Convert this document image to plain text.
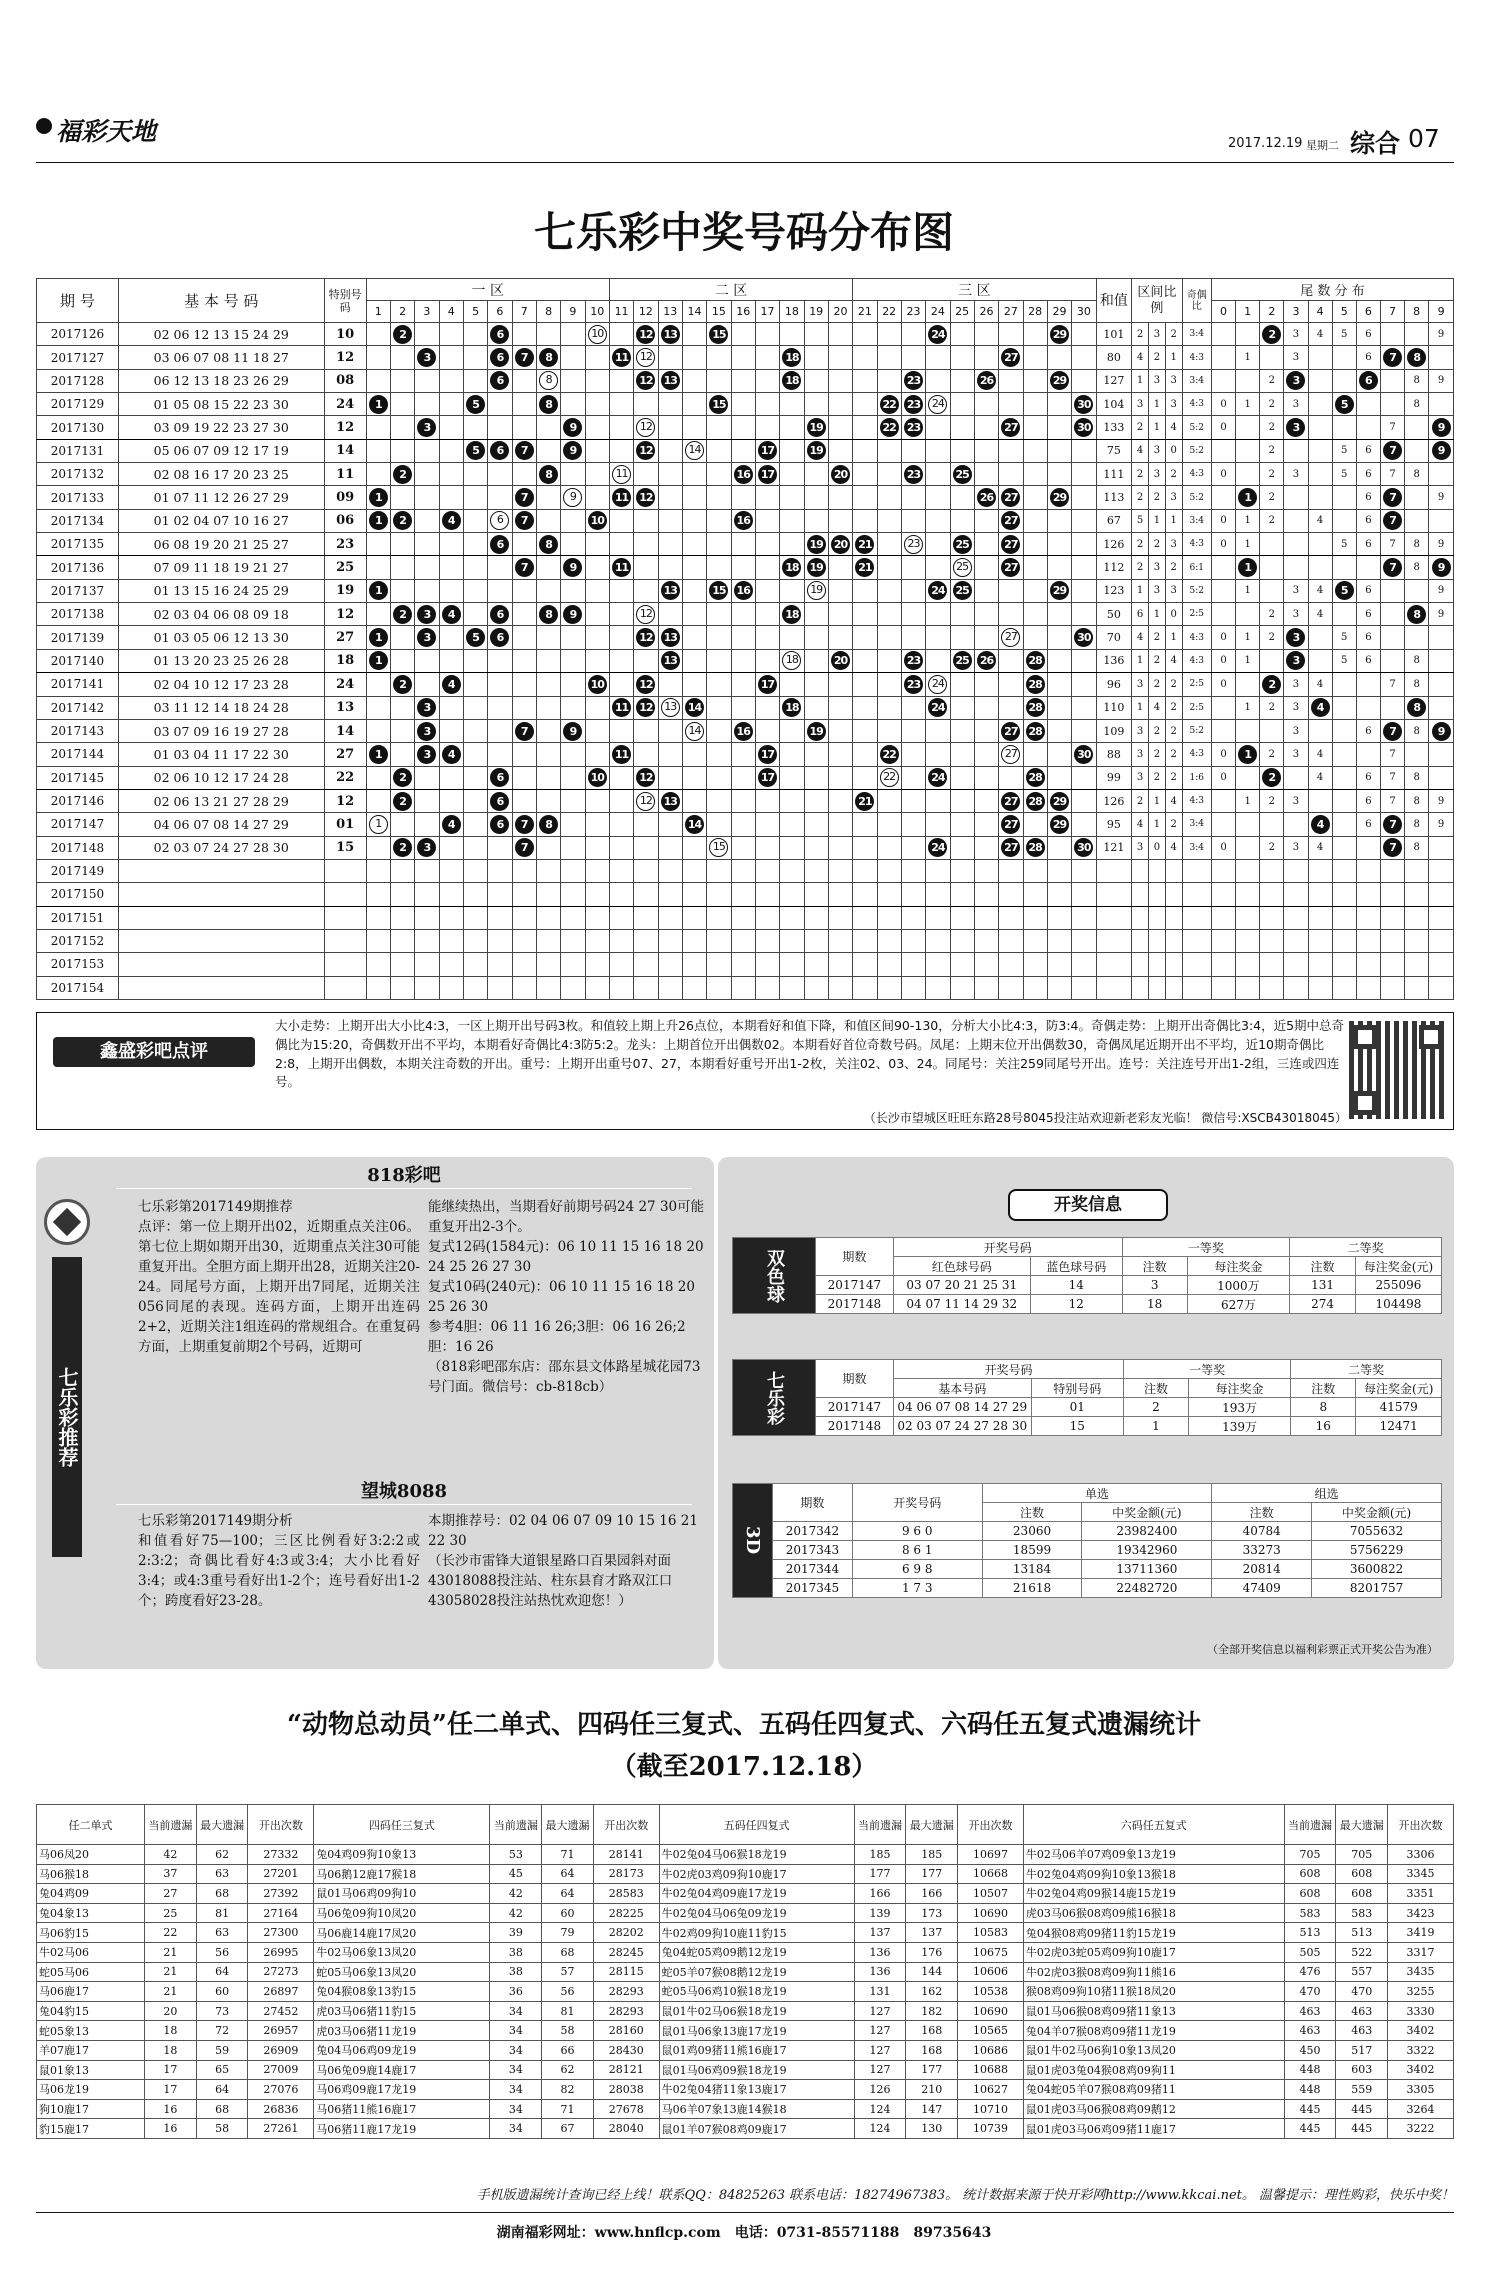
福彩天地	2017.12.19 星期二 综合 07
七乐彩中奖号码分布图
期 号	基 本 号 码	特别号码	一 区										二 区										三 区										和值	区间比例			奇偶比	尾 数 分 布									
			1	2	3	4	5	6	7	8	9	10	11	12	13	14	15	16	17	18	19	20	21	22	23	24	25	26	27	28	29	30						0	1	2	3	4	5	6	7	8	9
2017126	02 06 12 13 15 24 29	10		2				6				10		12	13		15									24					29		101	2	3	2	3:4			2	3	4	5	6			9
2017127	03 06 07 08 11 18 27	12			3			6	7	8			11	12						18									27				80	4	2	1	4:3		1		3			6	7	8	
2017128	06 12 13 18 23 26 29	08						6		8				12	13					18					23			26			29		127	1	3	3	3:4			2	3			6		8	9
2017129	01 05 08 15 22 23 30	24	1				5			8							15							22	23	24						30	104	3	1	3	4:3	0	1	2	3		5			8	
2017130	03 09 19 22 23 27 30	12			3						9			12							19			22	23				27			30	133	2	1	4	5:2	0		2	3				7		9
2017131	05 06 07 09 12 17 19	14					5	6	7		9			12		14			17		19												75	4	3	0	5:2			2			5	6	7		9
2017132	02 08 16 17 20 23 25	11		2						8			11					16	17			20			23		25						111	2	3	2	4:3	0		2	3		5	6	7	8	
2017133	01 07 11 12 26 27 29	09	1						7		9		11	12														26	27		29		113	2	2	3	5:2		1	2				6	7		9
2017134	01 02 04 07 10 16 27	06	1	2		4		6	7			10						16											27				67	5	1	1	3:4	0	1	2		4		6	7		
2017135	06 08 19 20 21 25 27	23						6		8											19	20	21		23		25		27				126	2	2	3	4:3	0	1				5	6	7	8	9
2017136	07 09 11 18 19 21 27	25							7		9		11							18	19		21				25		27				112	2	3	2	6:1		1						7	8	9
2017137	01 13 15 16 24 25 29	19	1												13		15	16			19					24	25				29		123	1	3	3	5:2		1		3	4	5	6			9
2017138	02 03 04 06 08 09 18	12		2	3	4		6		8	9			12						18													50	6	1	0	2:5			2	3	4		6		8	9
2017139	01 03 05 06 12 13 30	27	1		3		5	6						12	13														27			30	70	4	2	1	4:3	0	1	2	3		5	6			
2017140	01 13 20 23 25 26 28	18	1												13					18		20			23		25	26		28			136	1	2	4	4:3	0	1		3		5	6		8	
2017141	02 04 10 12 17 23 28	24		2		4						10		12					17						23	24				28			96	3	2	2	2:5	0		2	3	4			7	8	
2017142	03 11 12 14 18 24 28	13			3								11	12	13	14				18						24				28			110	1	4	2	2:5		1	2	3	4				8	
2017143	03 07 09 16 19 27 28	14			3				7		9					14		16			19								27	28			109	3	2	2	5:2				3			6	7	8	9
2017144	01 03 04 11 17 22 30	27	1		3	4							11						17					22					27			30	88	3	2	2	4:3	0	1	2	3	4			7		
2017145	02 06 10 12 17 24 28	22		2				6				10		12					17					22		24				28			99	3	2	2	1:6	0		2		4		6	7	8	
2017146	02 06 13 21 27 28 29	12		2				6						12	13								21						27	28	29		126	2	1	4	4:3		1	2	3			6	7	8	9
2017147	04 06 07 08 14 27 29	01	1			4		6	7	8						14													27		29		95	4	1	2	3:4					4		6	7	8	9
2017148	02 03 07 24 27 28 30	15		2	3				7								15									24			27	28		30	121	3	0	4	3:4	0		2	3	4			7	8	
2017149																																															
2017150																																															
2017151																																															
2017152																																															
2017153																																															
2017154																																															
鑫盛彩吧点评
大小走势：上期开出大小比4:3，一区上期开出号码3枚。和值较上期上升26点位，本期看好和值下降，和值区间90-130，分析大小比4:3，防3:4。奇偶走势：上期开出奇偶比3:4，近5期中总奇偶比为15:20，奇偶数开出不平均，本期看好奇偶比4:3防5:2。龙头：上期首位开出偶数02。本期看好首位奇数号码。凤尾：上期末位开出偶数30，奇偶凤尾近期开出不平均，近10期奇偶比2:8，上期开出偶数，本期关注奇数的开出。重号：上期开出重号07、27，本期看好重号开出1-2枚，关注02、03、24。同尾号：关注259同尾号开出。连号：关注连号开出1-2组，三连或四连号。
（长沙市望城区旺旺东路28号8045投注站欢迎新老彩友光临！ 微信号:XSCB43018045）
七乐彩推荐
818彩吧
七乐彩第2017149期推荐
点评：第一位上期开出02，近期重点关注06。第七位上期如期开出30，近期重点关注30可能重复开出。全胆方面上期开出28，近期关注20-24。同尾号方面，上期开出7同尾，近期关注056同尾的表现。连码方面，上期开出连码2+2，近期关注1组连码的常规组合。在重复码方面，上期重复前期2个号码，近期可
能继续热出，当期看好前期号码24 27 30可能重复开出2-3个。
复式12码(1584元)：06 10 11 15 16 18 20 24 25 26 27 30
复式10码(240元)：06 10 11 15 16 18 20 25 26 30
参考4胆：06 11 16 26;3胆：06 16 26;2胆：16 26
（818彩吧邵东店：邵东县文体路星城花园73号门面。微信号：cb-818cb）
望城8088
七乐彩第2017149期分析
和值看好75—100；三区比例看好3:2:2或2:3:2；奇偶比看好4:3或3:4；大小比看好3:4；或4:3重号看好出1-2个；连号看好出1-2个；跨度看好23-28。
本期推荐号：02 04 06 07 09 10 15 16 21 22 30
（长沙市雷锋大道银星路口百果园斜对面43018088投注站、柱东县育才路双江口43058028投注站热忱欢迎您！）
开奖信息
双色球	期数	开奖号码		一等奖		二等奖	
		红色球号码	蓝色球号码	注数	每注奖金	注数	每注奖金(元)
	2017147	03 07 20 21 25 31	14	3	1000万	131	255096
	2017148	04 07 11 14 29 32	12	18	627万	274	104498
七乐彩	期数	开奖号码		一等奖		二等奖	
		基本号码	特别号码	注数	每注奖金	注数	每注奖金(元)
	2017147	04 06 07 08 14 27 29	01	2	193万	8	41579
	2017148	02 03 07 24 27 28 30	15	1	139万	16	12471
3D	期数	开奖号码	单选		组选	
			注数	中奖金额(元)	注数	中奖金额(元)
	2017342	9 6 0	23060	23982400	40784	7055632
	2017343	8 6 1	18599	19342960	33273	5756229
	2017344	6 9 8	13184	13711360	20814	3600822
	2017345	1 7 3	21618	22482720	47409	8201757
（全部开奖信息以福利彩票正式开奖公告为准）
“动物总动员”任二单式、四码任三复式、五码任四复式、六码任五复式遗漏统计
（截至2017.12.18）
任二单式	当前遗漏	最大遗漏	开出次数	四码任三复式	当前遗漏	最大遗漏	开出次数	五码任四复式	当前遗漏	最大遗漏	开出次数	六码任五复式	当前遗漏	最大遗漏	开出次数
马06凤20	42	62	27332	兔04鸡09狗10象13	53	71	28141	牛02兔04马06猴18龙19	185	185	10697	牛02马06羊07鸡09象13龙19	705	705	3306
马06猴18	37	63	27201	马06鹅12鹿17猴18	45	64	28173	牛02虎03鸡09狗10鹿17	177	177	10668	牛02兔04鸡09狗10象13猴18	608	608	3345
兔04鸡09	27	68	27392	鼠01马06鸡09狗10	42	64	28583	牛02兔04鸡09鹿17龙19	166	166	10507	牛02兔04鸡09猴14鹿15龙19	608	608	3351
兔04象13	25	81	27164	马06兔09狗10凤20	42	60	28225	牛02兔04马06兔09龙19	139	173	10690	虎03马06猴08鸡09熊16猴18	583	583	3423
马06豹15	22	63	27300	马06鹿14鹿17凤20	39	79	28202	牛02鸡09狗10鹿11豹15	137	137	10583	兔04猴08鸡09猪11豹15龙19	513	513	3419
牛02马06	21	56	26995	牛02马06象13凤20	38	68	28245	兔04蛇05鸡09鹅12龙19	136	176	10675	牛02虎03蛇05鸡09狗10鹿17	505	522	3317
蛇05马06	21	64	27273	蛇05马06象13凤20	38	57	28115	蛇05羊07猴08鹅12龙19	136	144	10606	牛02虎03猴08鸡09狗11熊16	476	557	3435
马06鹿17	21	60	26897	兔04猴08象13豹15	36	56	28293	蛇05马06鸡10猴18龙19	131	162	10538	猴08鸡09狗10猪11猴18凤20	470	470	3255
兔04豹15	20	73	27452	虎03马06猪11豹15	34	81	28293	鼠01牛02马06猴18龙19	127	182	10690	鼠01马06猴08鸡09猪11象13	463	463	3330
蛇05象13	18	72	26957	虎03马06猪11龙19	34	58	28160	鼠01马06象13鹿17龙19	127	168	10565	兔04羊07猴08鸡09猪11龙19	463	463	3402
羊07鹿17	18	59	26909	兔04马06鸡09龙19	34	66	28430	鼠01鸡09猪11熊16鹿17	127	168	10686	鼠01牛02马06狗10象13凤20	450	517	3322
鼠01象13	17	65	27009	马06兔09鹿14鹿17	34	62	28121	鼠01马06鸡09猴18龙19	127	177	10688	鼠01虎03兔04猴08鸡09狗11	448	603	3402
马06龙19	17	64	27076	马06鸡09鹿17龙19	34	82	28038	牛02兔04猪11象13鹿17	126	210	10627	兔04蛇05羊07猴08鸡09猪11	448	559	3305
狗10鹿17	16	68	26836	马06猪11熊16鹿17	34	71	27678	马06羊07象13鹿14猴18	124	147	10710	鼠01虎03马06猴08鸡09鹅12	445	445	3264
豹15鹿17	16	58	27261	马06猪11鹿17龙19	34	67	28040	鼠01羊07猴08鸡09鹿17	124	130	10739	鼠01虎03马06鸡09猪11鹿17	445	445	3222
手机版遗漏统计查询已经上线！联系QQ：84825263 联系电话：18274967383。 统计数据来源于快开彩网http://www.kkcai.net。 温馨提示：理性购彩，快乐中奖！
湖南福彩网址：www.hnflcp.com　电话：0731-85571188　89735643
